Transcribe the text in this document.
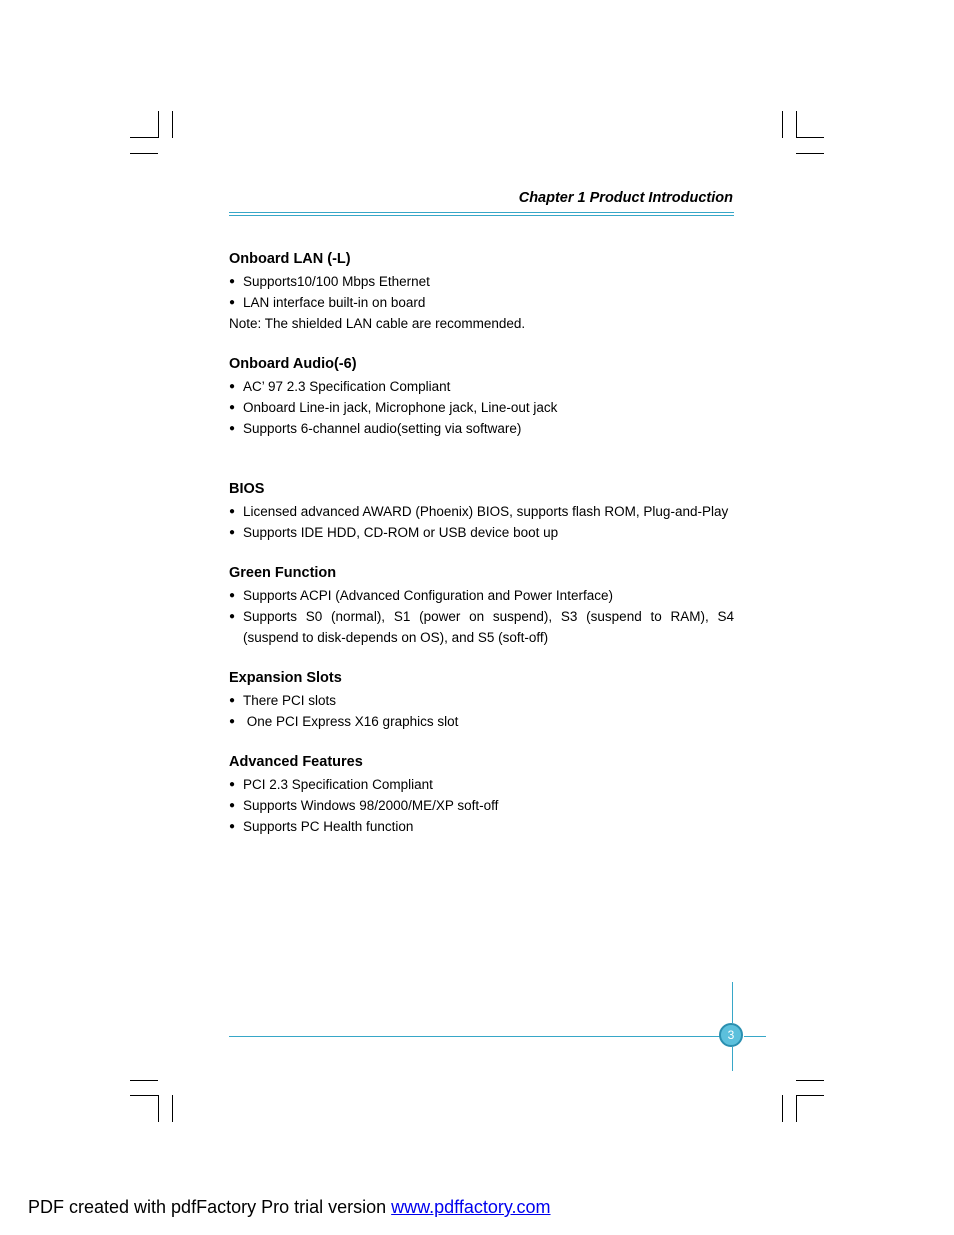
Chapter 1 Product Introduction
Onboard LAN (-L)
● Supports10/100 Mbps Ethernet
● LAN interface built-in on board
Note: The shielded LAN cable are recommended.
Onboard Audio(-6)
● AC’ 97 2.3 Specification Compliant
● Onboard Line-in jack, Microphone jack, Line-out jack
● Supports 6-channel audio(setting via software)
BIOS
● Licensed advanced AWARD (Phoenix) BIOS, supports flash ROM, Plug-and-Play
● Supports IDE HDD, CD-ROM or USB device boot up
Green Function
● Supports ACPI (Advanced Configuration and Power Interface)
● Supports S0 (normal), S1 (power on suspend), S3 (suspend to RAM), S4 (suspend to disk-depends on OS), and S5 (soft-off)
Expansion Slots
● There PCI slots
● One PCI Express X16 graphics slot
Advanced Features
● PCI 2.3 Specification Compliant
● Supports Windows 98/2000/ME/XP soft-off
● Supports PC Health function
3
PDF created with pdfFactory Pro trial version www.pdffactory.com
